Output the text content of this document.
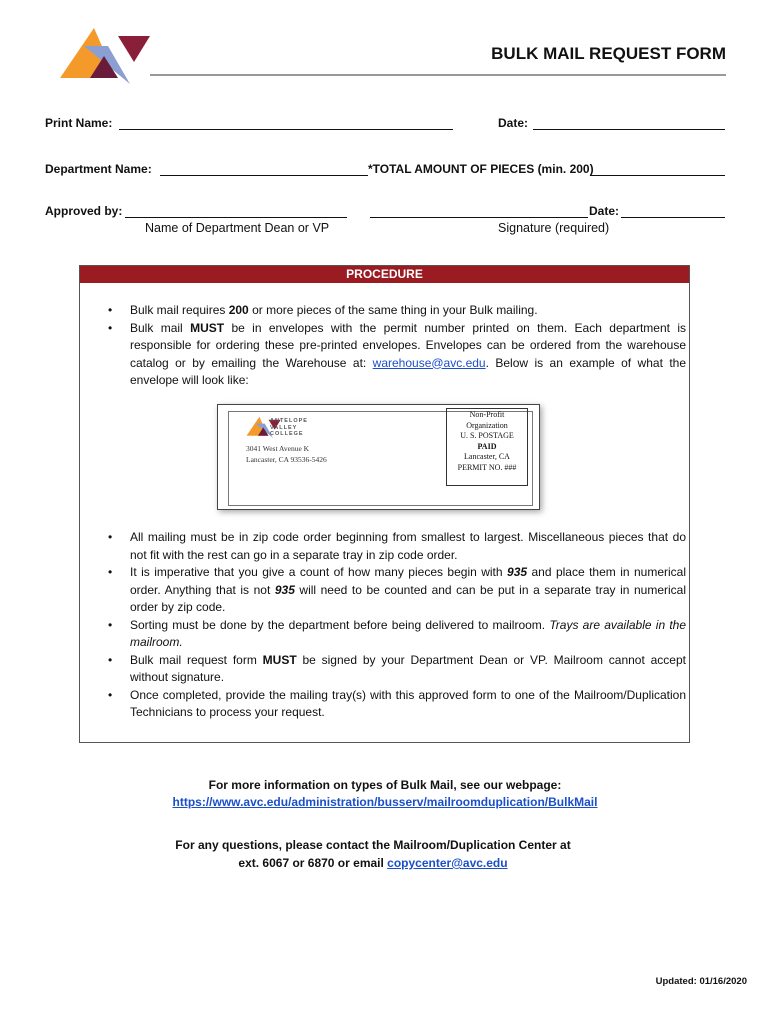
BULK MAIL REQUEST FORM
Print Name:	Date:
Department Name:	*TOTAL AMOUNT OF PIECES (min. 200)
Approved by:	Date:
Name of Department Dean or VP	Signature (required)
PROCEDURE
• Bulk mail requires 200 or more pieces of the same thing in your Bulk mailing.
• Bulk mail MUST be in envelopes with the permit number printed on them. Each department is responsible for ordering these pre-printed envelopes. Envelopes can be ordered from the warehouse catalog or by emailing the Warehouse at: warehouse@avc.edu. Below is an example of what the envelope will look like:
ANTELOPE
VALLEY
COLLEGE
3041 West Avenue K
Lancaster, CA 93536-5426
Non-Profit
Organization
U. S. POSTAGE
PAID
Lancaster, CA
PERMIT NO. ###
• All mailing must be in zip code order beginning from smallest to largest. Miscellaneous pieces that do not fit with the rest can go in a separate tray in zip code order.
• It is imperative that you give a count of how many pieces begin with 935 and place them in numerical order. Anything that is not 935 will need to be counted and can be put in a separate tray in numerical order by zip code.
• Sorting must be done by the department before being delivered to mailroom. Trays are available in the mailroom.
• Bulk mail request form MUST be signed by your Department Dean or VP. Mailroom cannot accept without signature.
• Once completed, provide the mailing tray(s) with this approved form to one of the Mailroom/Duplication Technicians to process your request.
For more information on types of Bulk Mail, see our webpage:
https://www.avc.edu/administration/busserv/mailroomduplication/BulkMail
For any questions, please contact the Mailroom/Duplication Center at
ext. 6067 or 6870 or email copycenter@avc.edu
Updated: 01/16/2020
